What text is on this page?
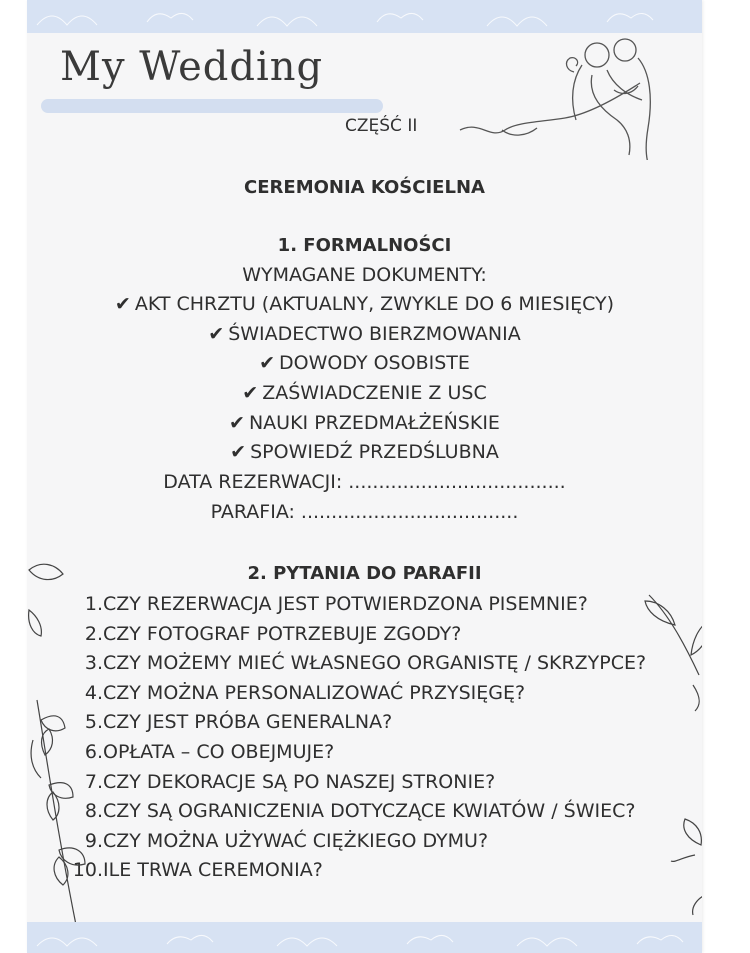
My Wedding
CZĘŚĆ II
CEREMONIA KOŚCIELNA
1. FORMALNOŚCI
WYMAGANE DOKUMENTY:
✔ AKT CHRZTU (AKTUALNY, ZWYKLE DO 6 MIESIĘCY)
✔ ŚWIADECTWO BIERZMOWANIA
✔ DOWODY OSOBISTE
✔ ZAŚWIADCZENIE Z USC
✔ NAUKI PRZEDMAŁŻEŃSKIE
✔ SPOWIEDŹ PRZEDŚLUBNA
DATA REZERWACJI: ....................................
PARAFIA: ....................................
2. PYTANIA DO PARAFII
1. CZY REZERWACJA JEST POTWIERDZONA PISEMNIE?
2. CZY FOTOGRAF POTRZEBUJE ZGODY?
3. CZY MOŻEMY MIEĆ WŁASNEGO ORGANISTĘ / SKRZYPCE?
4. CZY MOŻNA PERSONALIZOWAĆ PRZYSIĘGĘ?
5. CZY JEST PRÓBA GENERALNA?
6. OPŁATA – CO OBEJMUJE?
7. CZY DEKORACJE SĄ PO NASZEJ STRONIE?
8. CZY SĄ OGRANICZENIA DOTYCZĄCE KWIATÓW / ŚWIEC?
9. CZY MOŻNA UŻYWAĆ CIĘŻKIEGO DYMU?
10. ILE TRWA CEREMONIA?
